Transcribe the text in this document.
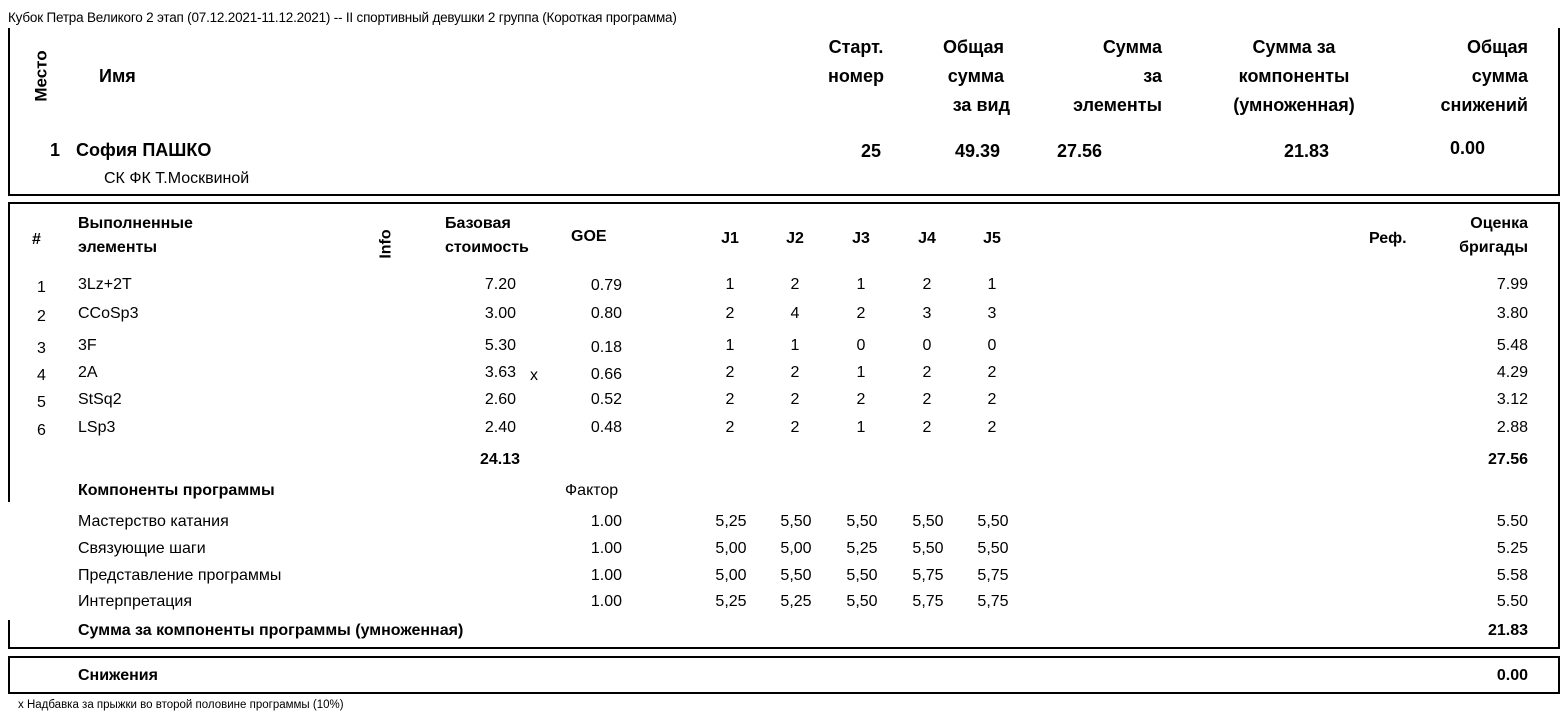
Кубок Петра Великого 2 этап (07.12.2021-11.12.2021) -- II спортивный девушки 2 группа (Короткая программа)
Место	Имя
Старт.
номер
Общая
сумма
за вид
Сумма
за
элементы
Сумма за
компоненты
(умноженная)
Общая
сумма
снижений
1 София ПАШКО
СК ФК Т.Москвиной
25	49.39	27.56	21.83	0.00
#
Выполненные
элементы	Info
Базовая
стоимость
GOE	J1	J2	J3	J4	J5	Реф.
Оценка
бригады
1 3Lz+2T	7.20	0.79	1	2	1	2	1	7.99
2 CCoSp3	3.00	0.80	2	4	2	3	3	3.80
3 3F	5.30	0.18	1	1	0	0	0	5.48
4 2A	3.63 x	0.66	2	2	1	2	2	4.29
5 StSq2	2.60	0.52	2	2	2	2	2	3.12
6 LSp3	2.40	0.48	2	2	1	2	2	2.88
24.13	27.56
Компоненты программы	Фактор
Мастерство катания	1.00	5,25	5,50	5,50	5,50	5,50	5.50
Связующие шаги	1.00	5,00	5,00	5,25	5,50	5,50	5.25
Представление программы	1.00	5,00	5,50	5,50	5,75	5,75	5.58
Интерпретация	1.00	5,25	5,25	5,50	5,75	5,75	5.50
Сумма за компоненты программы (умноженная)	21.83
Снижения	0.00
x Надбавка за прыжки во второй половине программы (10%)
